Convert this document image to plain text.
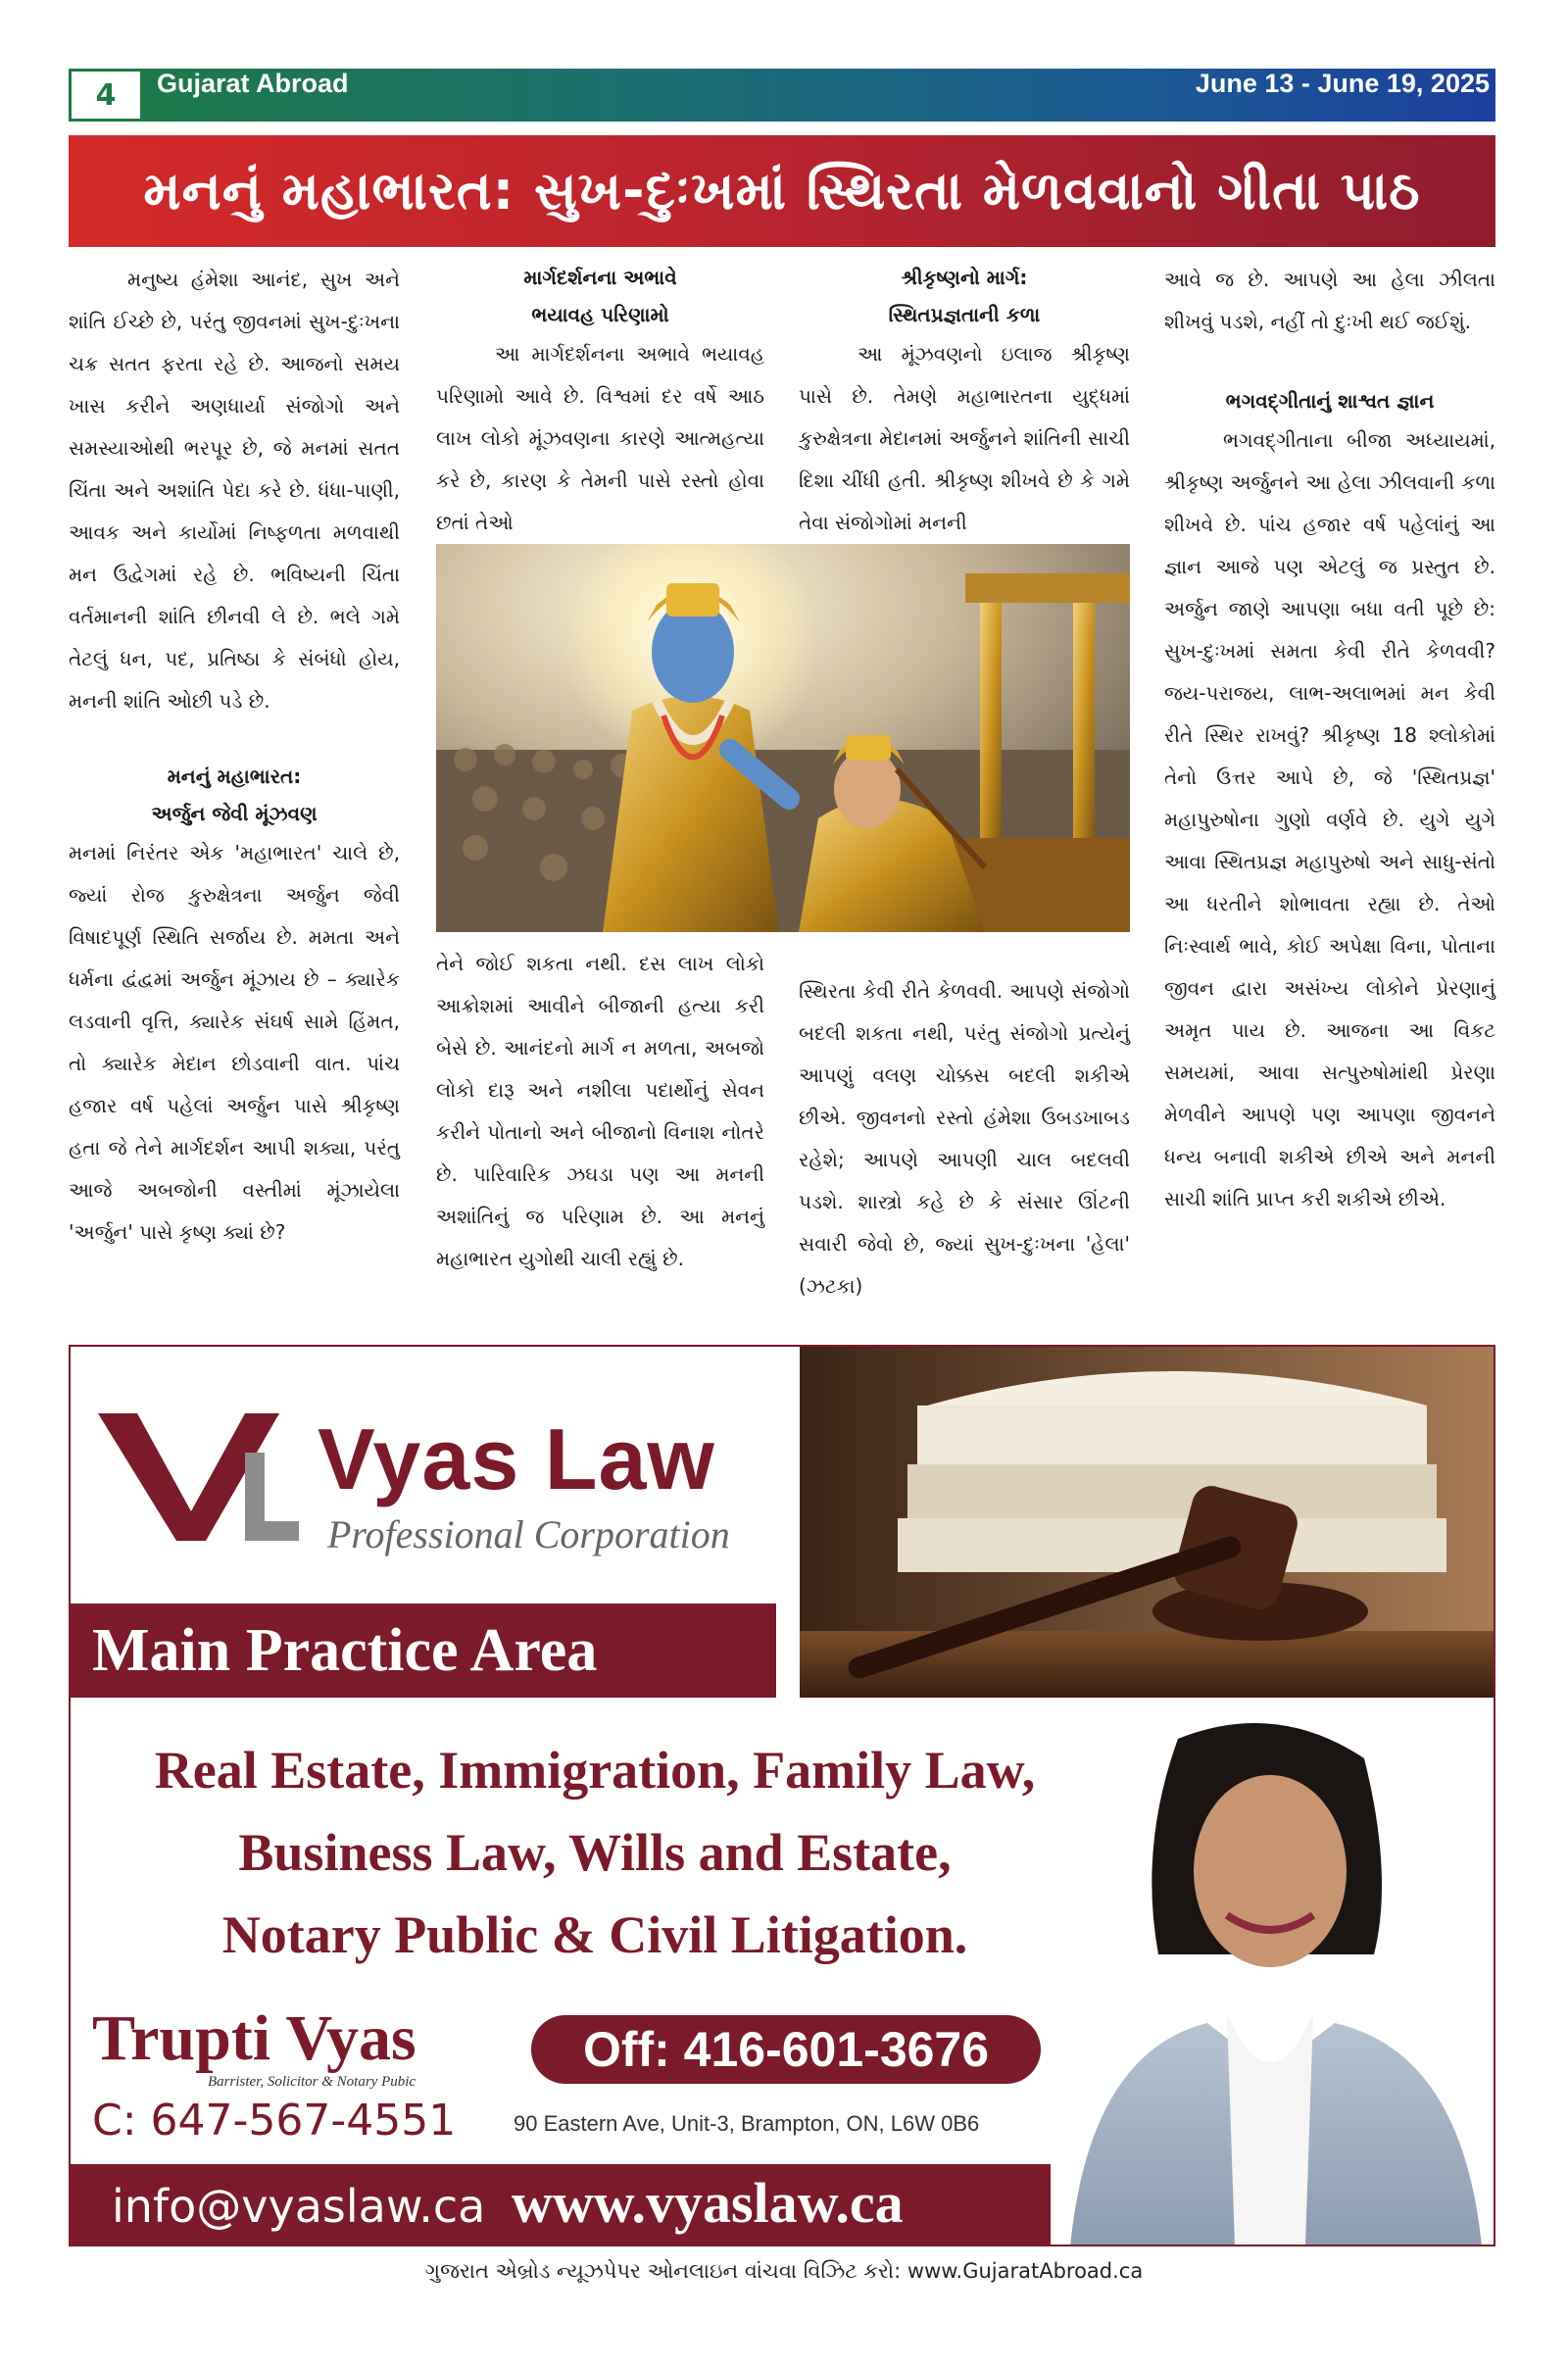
4	Gujarat Abroad	June 13 - June 19, 2025
મનનું મહાભારત: સુખ-દુઃખમાં સ્થિરતા મેળવવાનો ગીતા પાઠ

મનુષ્ય હંમેશા આનંદ, સુખ અને શાંતિ ઈચ્છે છે, પરંતુ જીવનમાં સુખ-દુઃખના ચક્ર સતત ફરતા રહે છે. આજનો સમય ખાસ કરીને અણધાર્યા સંજોગો અને સમસ્યાઓથી ભરપૂર છે, જે મનમાં સતત ચિંતા અને અશાંતિ પેદા કરે છે. ધંધા-પાણી, આવક અને કાર્યોમાં નિષ્ફળતા મળવાથી મન ઉદ્વેગમાં રહે છે. ભવિષ્યની ચિંતા વર્તમાનની શાંતિ છીનવી લે છે. ભલે ગમે તેટલું ધન, પદ, પ્રતિષ્ઠા કે સંબંધો હોય, મનની શાંતિ ઓછી પડે છે.

મનનું મહાભારત:
અર્જુન જેવી મૂંઝવણ

મનમાં નિરંતર એક 'મહાભારત' ચાલે છે, જ્યાં રોજ કુરુક્ષેત્રના અર્જુન જેવી વિષાદપૂર્ણ સ્થિતિ સર્જાય છે. મમતા અને ધર્મના દ્વંદ્વમાં અર્જુન મૂંઝાય છે – ક્યારેક લડવાની વૃત્તિ, ક્યારેક સંઘર્ષ સામે હિંમત, તો ક્યારેક મેદાન છોડવાની વાત. પાંચ હજાર વર્ષ પહેલાં અર્જુન પાસે શ્રીકૃષ્ણ હતા જે તેને માર્ગદર્શન આપી શક્યા, પરંતુ આજે અબજોની વસ્તીમાં મૂંઝાયેલા 'અર્જુન' પાસે કૃષ્ણ ક્યાં છે?

માર્ગદર્શનના અભાવે
ભયાવહ પરિણામો

આ માર્ગદર્શનના અભાવે ભયાવહ પરિણામો આવે છે. વિશ્વમાં દર વર્ષે આઠ લાખ લોકો મૂંઝવણના કારણે આત્મહત્યા કરે છે, કારણ કે તેમની પાસે રસ્તો હોવા છતાં તેઓ

તેને જોઈ શકતા નથી. દસ લાખ લોકો આક્રોશમાં આવીને બીજાની હત્યા કરી બેસે છે. આનંદનો માર્ગ ન મળતા, અબજો લોકો દારૂ અને નશીલા પદાર્થોનું સેવન કરીને પોતાનો અને બીજાનો વિનાશ નોતરે છે. પારિવારિક ઝઘડા પણ આ મનની અશાંતિનું જ પરિણામ છે. આ મનનું મહાભારત યુગોથી ચાલી રહ્યું છે.

શ્રીકૃષ્ણનો માર્ગ:
સ્થિતપ્રજ્ઞતાની કળા

આ મૂંઝવણનો ઇલાજ શ્રીકૃષ્ણ પાસે છે. તેમણે મહાભારતના યુદ્ધમાં કુરુક્ષેત્રના મેદાનમાં અર્જુનને શાંતિની સાચી દિશા ચીંધી હતી. શ્રીકૃષ્ણ શીખવે છે કે ગમે તેવા સંજોગોમાં મનની

સ્થિરતા કેવી રીતે કેળવવી. આપણે સંજોગો બદલી શકતા નથી, પરંતુ સંજોગો પ્રત્યેનું આપણું વલણ ચોક્કસ બદલી શકીએ છીએ. જીવનનો રસ્તો હંમેશા ઉબડખાબડ રહેશે; આપણે આપણી ચાલ બદલવી પડશે. શાસ્ત્રો કહે છે કે સંસાર ઊંટની સવારી જેવો છે, જ્યાં સુખ-દુઃખના 'હેલા' (ઝટકા)

આવે જ છે. આપણે આ હેલા ઝીલતા શીખવું પડશે, નહીં તો દુઃખી થઈ જઈશું.

ભગવદ્ગીતાનું શાશ્વત જ્ઞાન

ભગવદ્ગીતાના બીજા અધ્યાયમાં, શ્રીકૃષ્ણ અર્જુનને આ હેલા ઝીલવાની કળા શીખવે છે. પાંચ હજાર વર્ષ પહેલાંનું આ જ્ઞાન આજે પણ એટલું જ પ્રસ્તુત છે. અર્જુન જાણે આપણા બધા વતી પૂછે છે: સુખ-દુઃખમાં સમતા કેવી રીતે કેળવવી? જય-પરાજય, લાભ-અલાભમાં મન કેવી રીતે સ્થિર રાખવું? શ્રીકૃષ્ણ 18 શ્લોકોમાં તેનો ઉત્તર આપે છે, જે 'સ્થિતપ્રજ્ઞ' મહાપુરુષોના ગુણો વર્ણવે છે. યુગે યુગે આવા સ્થિતપ્રજ્ઞ મહાપુરુષો અને સાધુ-સંતો આ ધરતીને શોભાવતા રહ્યા છે. તેઓ નિઃસ્વાર્થ ભાવે, કોઈ અપેક્ષા વિના, પોતાના જીવન દ્વારા અસંખ્ય લોકોને પ્રેરણાનું અમૃત પાય છે. આજના આ વિકટ સમયમાં, આવા સત્પુરુષોમાંથી પ્રેરણા મેળવીને આપણે પણ આપણા જીવનને ધન્ય બનાવી શકીએ છીએ અને મનની સાચી શાંતિ પ્રાપ્ત કરી શકીએ છીએ.

Vyas Law
Professional Corporation
Main Practice Area
Real Estate, Immigration, Family Law,
Business Law, Wills and Estate,
Notary Public & Civil Litigation.
Trupti Vyas
Barrister, Solicitor & Notary Pubic
Off: 416-601-3676
C: 647-567-4551	90 Eastern Ave, Unit-3, Brampton, ON, L6W 0B6
info@vyaslaw.ca www.vyaslaw.ca
ગુજરાત એબ્રોડ ન્યૂઝપેપર ઓનલાઇન વાંચવા વિઝિટ કરો: www.GujaratAbroad.ca
